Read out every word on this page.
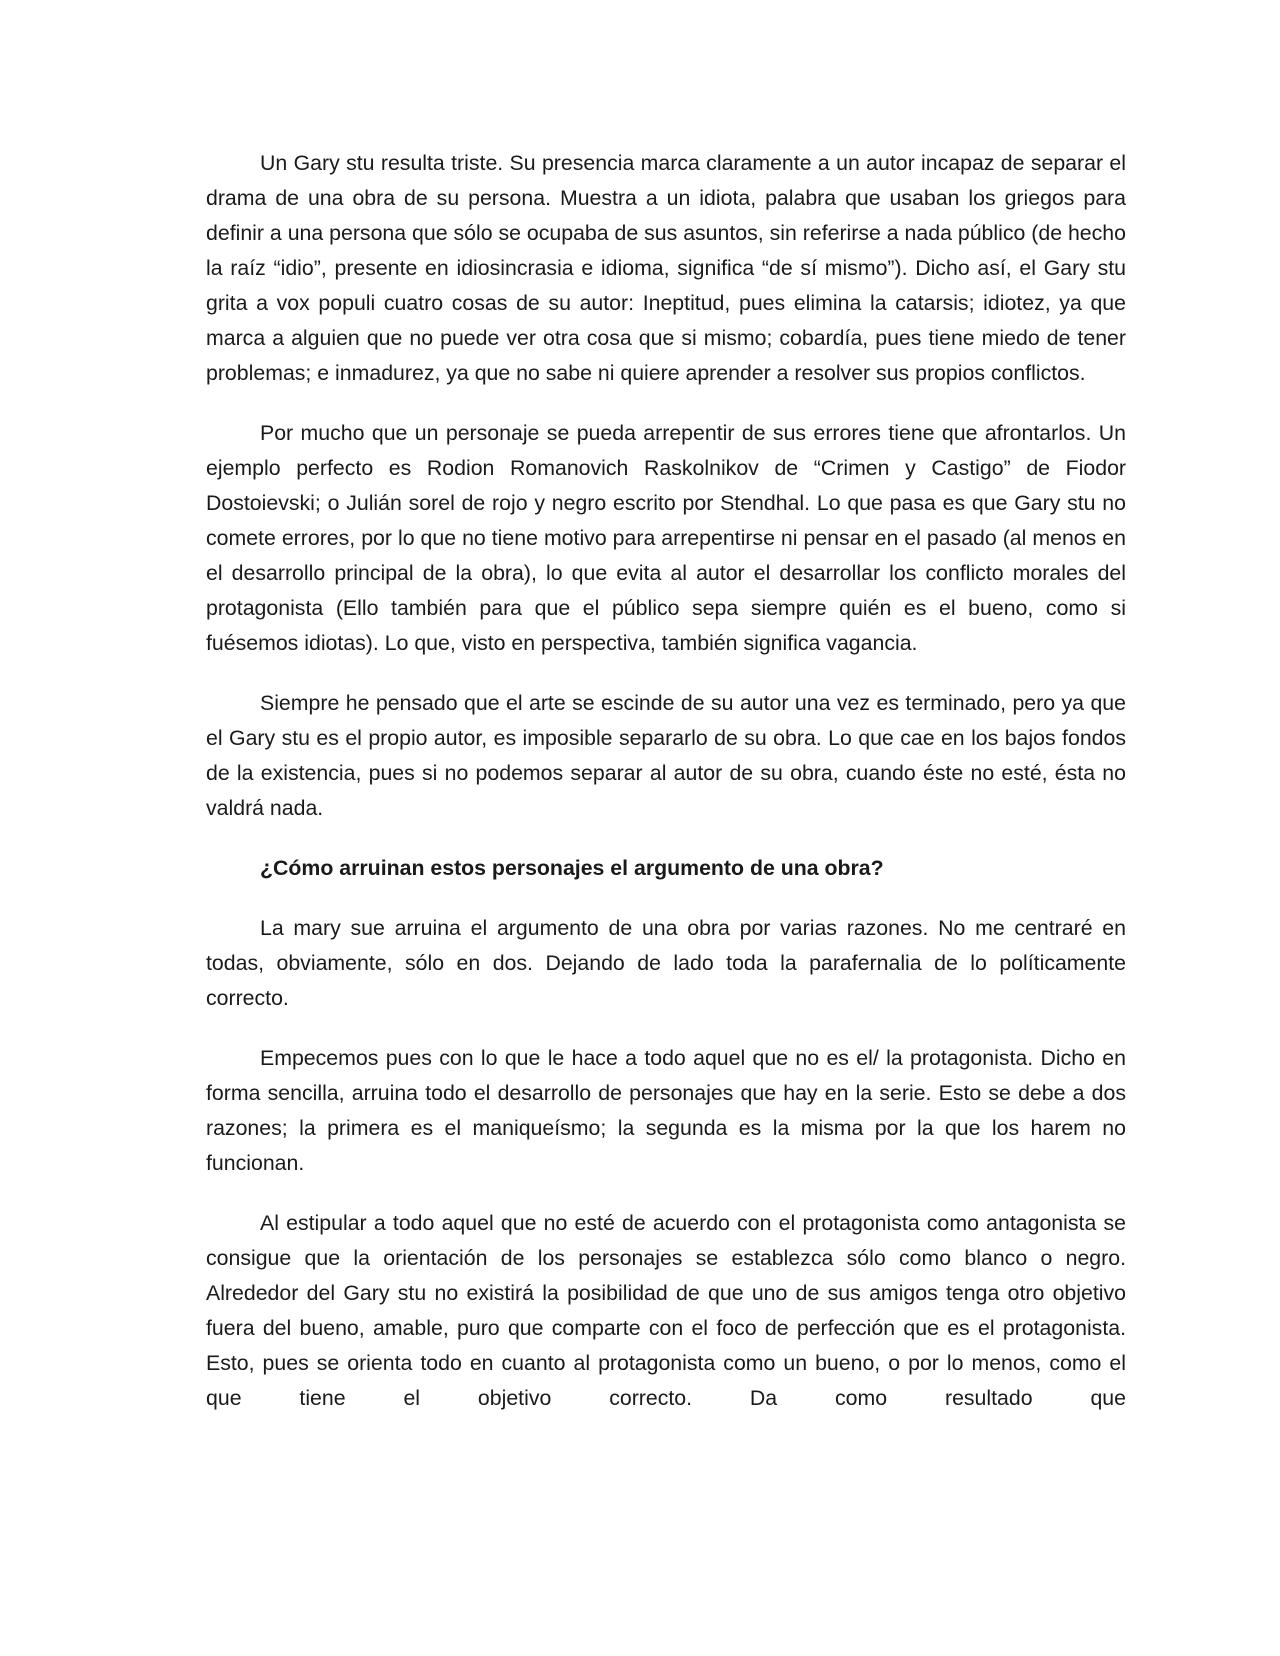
Un Gary stu resulta triste. Su presencia marca claramente a un autor incapaz de separar el drama de una obra de su persona. Muestra a un idiota, palabra que usaban los griegos para definir a una persona que sólo se ocupaba de sus asuntos, sin referirse a nada público (de hecho la raíz “idio”, presente en idiosincrasia e idioma, significa “de sí mismo”). Dicho así, el Gary stu grita a vox populi cuatro cosas de su autor: Ineptitud, pues elimina la catarsis; idiotez, ya que marca a alguien que no puede ver otra cosa que si mismo; cobardía, pues tiene miedo de tener problemas; e inmadurez, ya que no sabe ni quiere aprender a resolver sus propios conflictos.

Por mucho que un personaje se pueda arrepentir de sus errores tiene que afrontarlos. Un ejemplo perfecto es Rodion Romanovich Raskolnikov de “Crimen y Castigo” de Fiodor Dostoievski; o Julián sorel de rojo y negro escrito por Stendhal. Lo que pasa es que Gary stu no comete errores, por lo que no tiene motivo para arrepentirse ni pensar en el pasado (al menos en el desarrollo principal de la obra), lo que evita al autor el desarrollar los conflicto morales del protagonista (Ello también para que el público sepa siempre quién es el bueno, como si fuésemos idiotas). Lo que, visto en perspectiva, también significa vagancia.

Siempre he pensado que el arte se escinde de su autor una vez es terminado, pero ya que el Gary stu es el propio autor, es imposible separarlo de su obra. Lo que cae en los bajos fondos de la existencia, pues si no podemos separar al autor de su obra, cuando éste no esté, ésta no valdrá nada.

¿Cómo arruinan estos personajes el argumento de una obra?

La mary sue arruina el argumento de una obra por varias razones. No me centraré en todas, obviamente, sólo en dos. Dejando de lado toda la parafernalia de lo políticamente correcto.

Empecemos pues con lo que le hace a todo aquel que no es el/ la protagonista. Dicho en forma sencilla, arruina todo el desarrollo de personajes que hay en la serie. Esto se debe a dos razones; la primera es el maniqueísmo; la segunda es la misma por la que los harem no funcionan.

Al estipular a todo aquel que no esté de acuerdo con el protagonista como antagonista se consigue que la orientación de los personajes se establezca sólo como blanco o negro. Alrededor del Gary stu no existirá la posibilidad de que uno de sus amigos tenga otro objetivo fuera del bueno, amable, puro que comparte con el foco de perfección que es el protagonista. Esto, pues se orienta todo en cuanto al protagonista como un bueno, o por lo menos, como el que tiene el objetivo correcto. Da como resultado que
